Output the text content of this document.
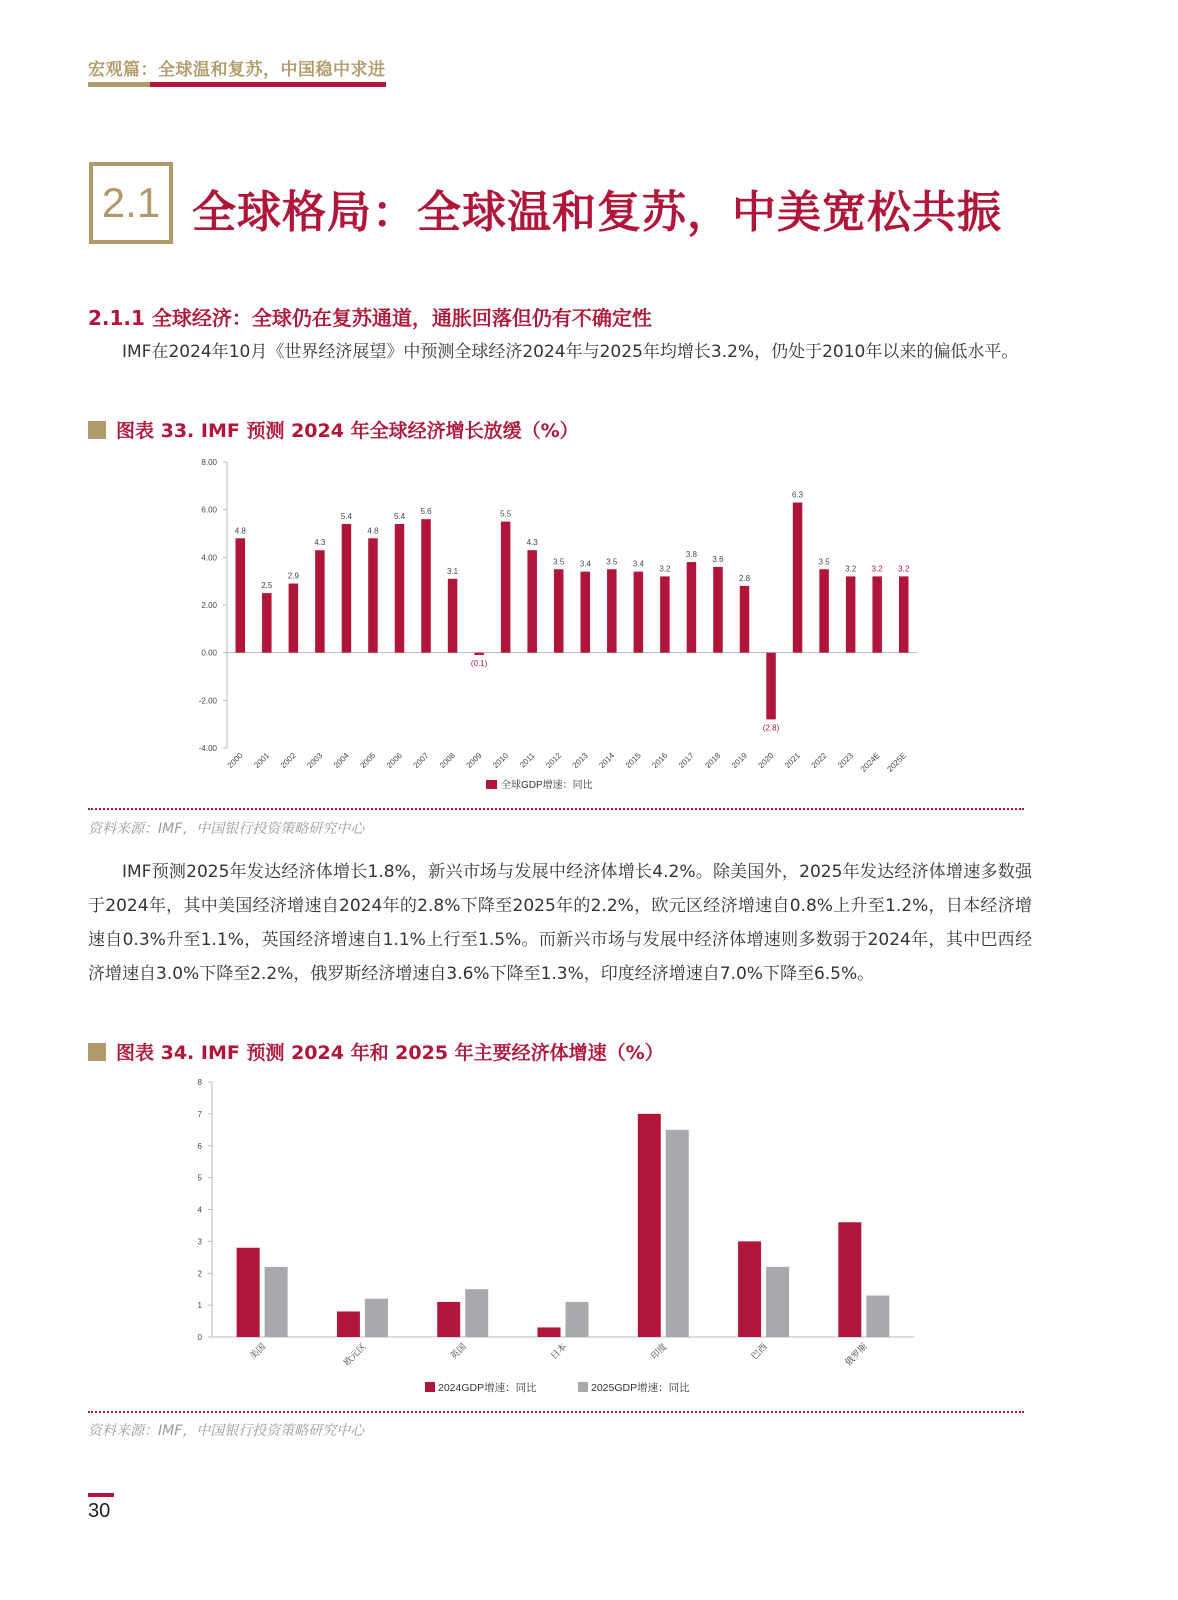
宏观篇：全球温和复苏，中国稳中求进
2.1 全球格局：全球温和复苏，中美宽松共振
2.1.1 全球经济：全球仍在复苏通道，通胀回落但仍有不确定性
IMF在2024年10月《世界经济展望》中预测全球经济2024年与2025年均增长3.2%，仍处于2010年以来的偏低水平。
图表 33. IMF 预测 2024 年全球经济增长放缓（%）
8.00
6.00
4.00
2.00
0.00
-2.00
-4.00
4.8
2000
2.5
2001
2.9
2002
4.3
2003
5.4
2004
4.8
2005
5.4
2006
5.6
2007
3.1
2008
(0.1)
2009
5.5
2010
4.3
2011
3.5
2012
3.4
2013
3.5
2014
3.4
2015
3.2
2016
3.8
2017
3.6
2018
2.8
2019
(2.8)
2020
6.3
2021
3.5
2022
3.2
2023
3.2
2024E
3.2
2025E
全球GDP增速：同比
资料来源：IMF，中国银行投资策略研究中心
IMF预测2025年发达经济体增长1.8%，新兴市场与发展中经济体增长4.2%。除美国外，2025年发达经济体增速多数强于2024年，其中美国经济增速自2024年的2.8%下降至2025年的2.2%，欧元区经济增速自0.8%上升至1.2%，日本经济增速自0.3%升至1.1%，英国经济增速自1.1%上行至1.5%。而新兴市场与发展中经济体增速则多数弱于2024年，其中巴西经济增速自3.0%下降至2.2%，俄罗斯经济增速自3.6%下降至1.3%，印度经济增速自7.0%下降至6.5%。
图表 34. IMF 预测 2024 年和 2025 年主要经济体增速（%）
0
1
2
3
4
5
6
7
8
美国	欧元区	英国	日本	印度	巴西	俄罗斯
2024GDP增速：同比	2025GDP增速：同比
资料来源：IMF，中国银行投资策略研究中心
30
